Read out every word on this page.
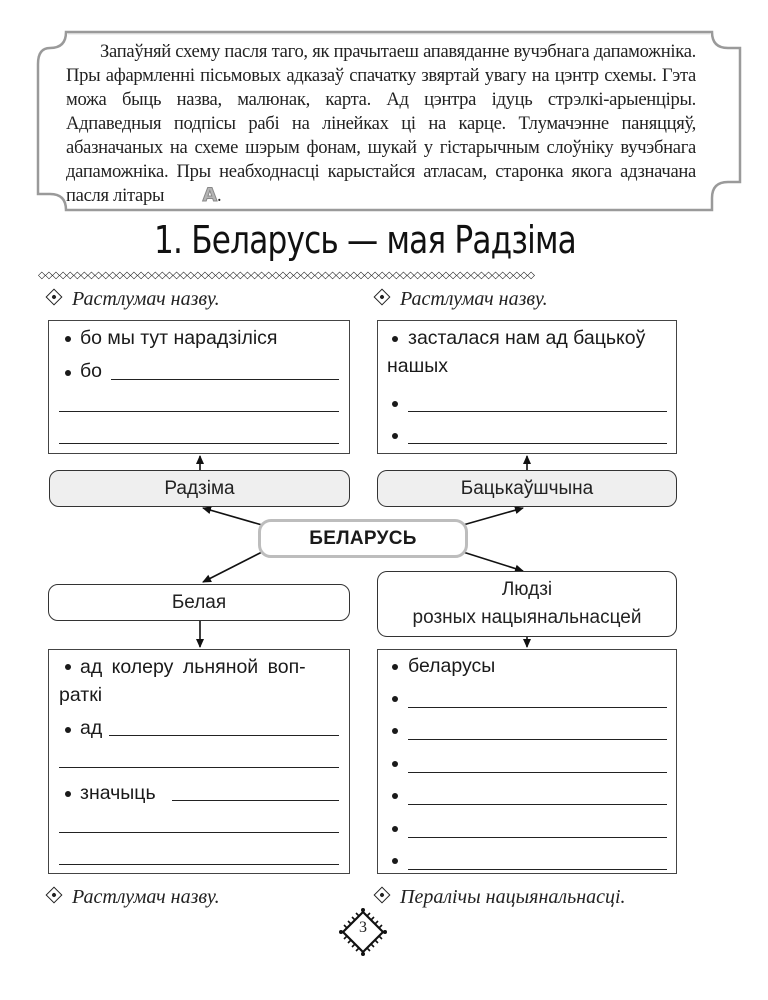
Запаўняй схему пасля таго, як прачытаеш апавяданне вучэбнага дапаможніка. Пры афармленні пісьмовых адказаў спачатку звяртай увагу на цэнтр схемы. Гэта можа быць назва, малюнак, карта. Ад цэнтра ідуць стрэлкі-арыенціры. Адпаведныя подпісы рабі на лінейках ці на карце. Тлумачэнне паняццяў, абазначаных на схеме шэрым фонам, шукай у гістарычным слоўніку вучэбнага дапаможніка. Пры неабходнасці карыстайся атласам, старонка якога адзначана пасля літары A.

1. Беларусь — мая Радзіма
◇◇◇◇◇◇◇◇◇◇◇◇◇◇◇◇◇◇◇◇◇◇◇◇◇◇◇◇◇◇◇◇◇◇◇◇◇◇◇◇◇◇◇◇◇◇◇◇◇◇◇◇◇◇◇◇◇◇◇◇◇◇◇◇◇◇◇◇◇◇
Растлумач назву.	Растлумач назву.
бо мы тут нарадзіліся
бо
засталася нам ад бацькоў
нашых
Радзіма	Бацькаўшчына
БЕЛАРУСЬ
Белая
Людзі
розных нацыянальнасцей
ад колеру льняной воп-
раткі
ад
значыць
беларусы
Растлумач назву.	Пералічы нацыянальнасці.
3
